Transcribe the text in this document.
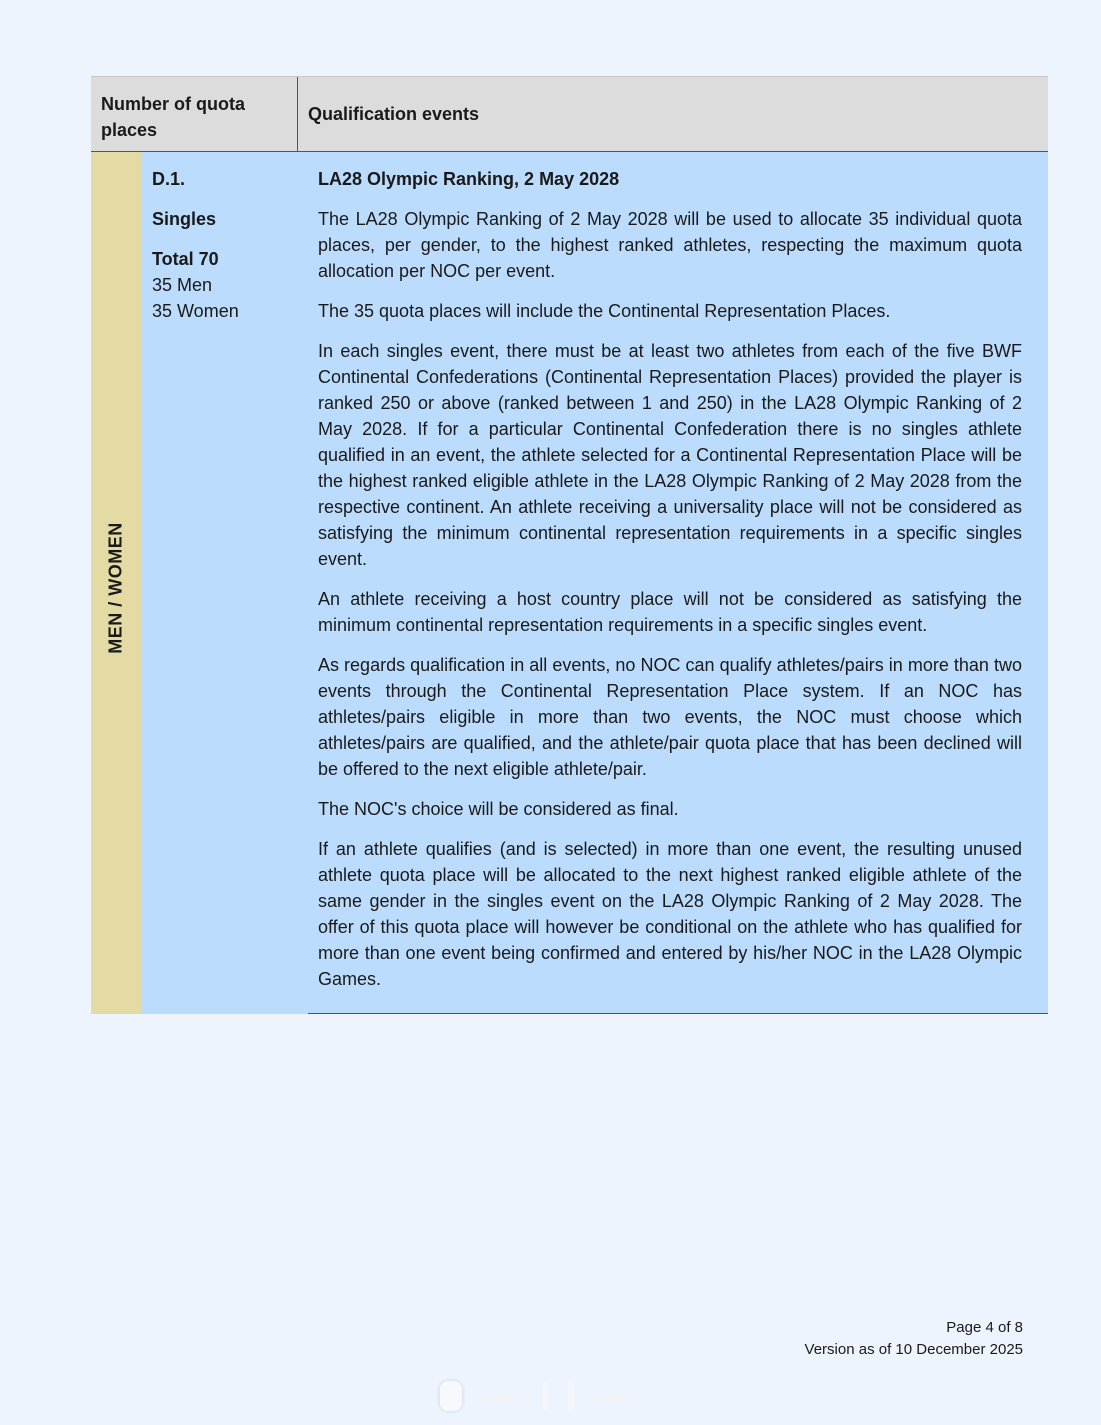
Number of quota places
Qualification events
MEN / WOMEN
D.1.
Singles
Total 70
35 Men
35 Women

LA28 Olympic Ranking, 2 May 2028

The LA28 Olympic Ranking of 2 May 2028 will be used to allocate 35 individual quota places, per gender, to the highest ranked athletes, respecting the maximum quota allocation per NOC per event.

The 35 quota places will include the Continental Representation Places.

In each singles event, there must be at least two athletes from each of the five BWF Continental Confederations (Continental Representation Places) provided the player is ranked 250 or above (ranked between 1 and 250) in the LA28 Olympic Ranking of 2 May 2028. If for a particular Continental Confederation there is no singles athlete qualified in an event, the athlete selected for a Continental Representation Place will be the highest ranked eligible athlete in the LA28 Olympic Ranking of 2 May 2028 from the respective continent. An athlete receiving a universality place will not be considered as satisfying the minimum continental representation requirements in a specific singles event.

An athlete receiving a host country place will not be considered as satisfying the minimum continental representation requirements in a specific singles event.

As regards qualification in all events, no NOC can qualify athletes/pairs in more than two events through the Continental Representation Place system. If an NOC has athletes/pairs eligible in more than two events, the NOC must choose which athletes/pairs are qualified, and the athlete/pair quota place that has been declined will be offered to the next eligible athlete/pair.

The NOC's choice will be considered as final.

If an athlete qualifies (and is selected) in more than one event, the resulting unused athlete quota place will be allocated to the next highest ranked eligible athlete of the same gender in the singles event on the LA28 Olympic Ranking of 2 May 2028. The offer of this quota place will however be conditional on the athlete who has qualified for more than one event being confirmed and entered by his/her NOC in the LA28 Olympic Games.

Page 4 of 8
Version as of 10 December 2025
